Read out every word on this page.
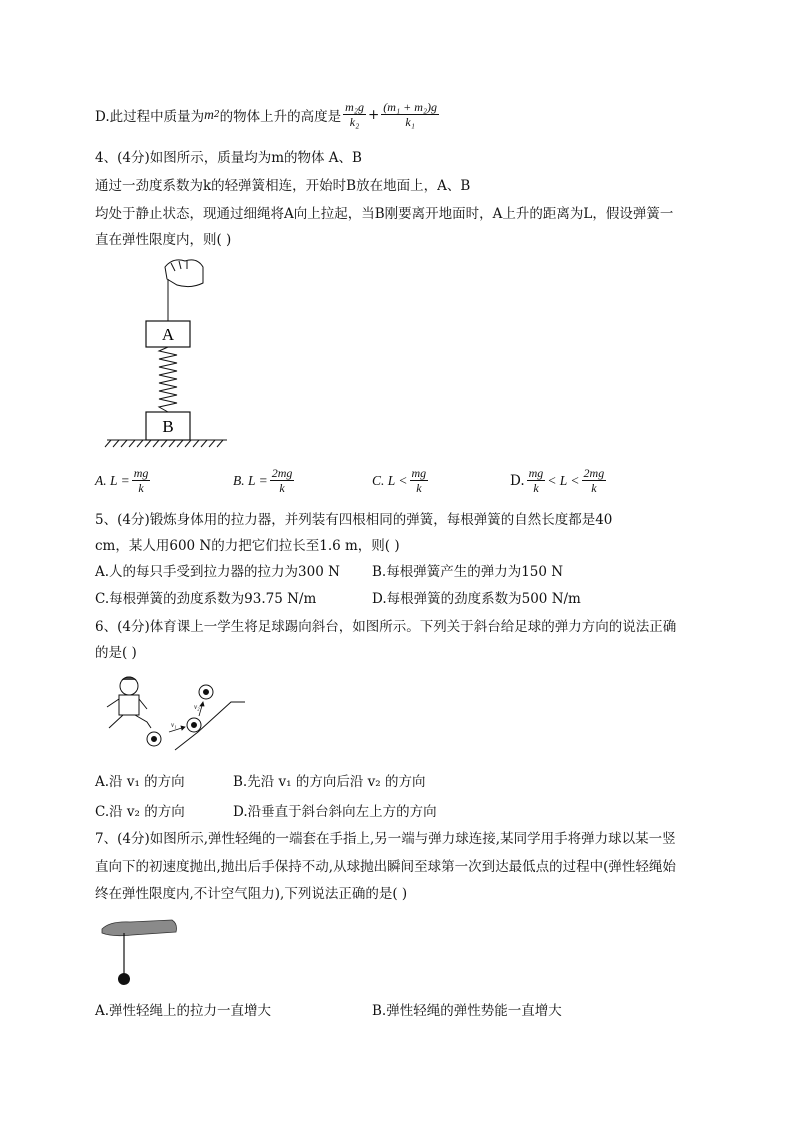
D.此过程中质量为 m 2 的物体上升的高度是 $\frac{\text{m₂g}}{\text{k₂}} + \frac{\text{(m₁ + m₂)g}}{\text{k₁}}$
4、(4分)如图所示，质量均为m的物体 A、B
通过一劲度系数为k的轻弹簧相连，开始时B放在地面上，A、B
均处于静止状态，现通过细绳将A向上拉起，当B刚要离开地面时，A上升的距离为L，假设弹簧一
直在弹性限度内，则( )
A
B
A. $L = \frac{mg}{k}$	B. $L = \frac{2mg}{k}$	C. $L < \frac{mg}{k}$	D. $\frac{mg}{k} < L < \frac{2mg}{k}$
5、(4分)锻炼身体用的拉力器，并列装有四根相同的弹簧，每根弹簧的自然长度都是40
cm，某人用600 N的力把它们拉长至1.6 m，则( )
A.人的每只手受到拉力器的拉力为300 N B.每根弹簧产生的弹力为150 N
C.每根弹簧的劲度系数为93.75 N/m	D.每根弹簧的劲度系数为500 N/m
6、(4分)体育课上一学生将足球踢向斜台，如图所示。下列关于斜台给足球的弹力方向的说法正确
的是( )
v₁
v₂
A.沿 v₁ 的方向	B.先沿 v₁ 的方向后沿 v₂ 的方向
C.沿 v₂ 的方向	D.沿垂直于斜台斜向左上方的方向
7、(4分)如图所示,弹性轻绳的一端套在手指上,另一端与弹力球连接,某同学用手将弹力球以某一竖
直向下的初速度抛出,抛出后手保持不动,从球抛出瞬间至球第一次到达最低点的过程中(弹性轻绳始
终在弹性限度内,不计空气阻力),下列说法正确的是( )
A.弹性轻绳上的拉力一直增大	B.弹性轻绳的弹性势能一直增大
